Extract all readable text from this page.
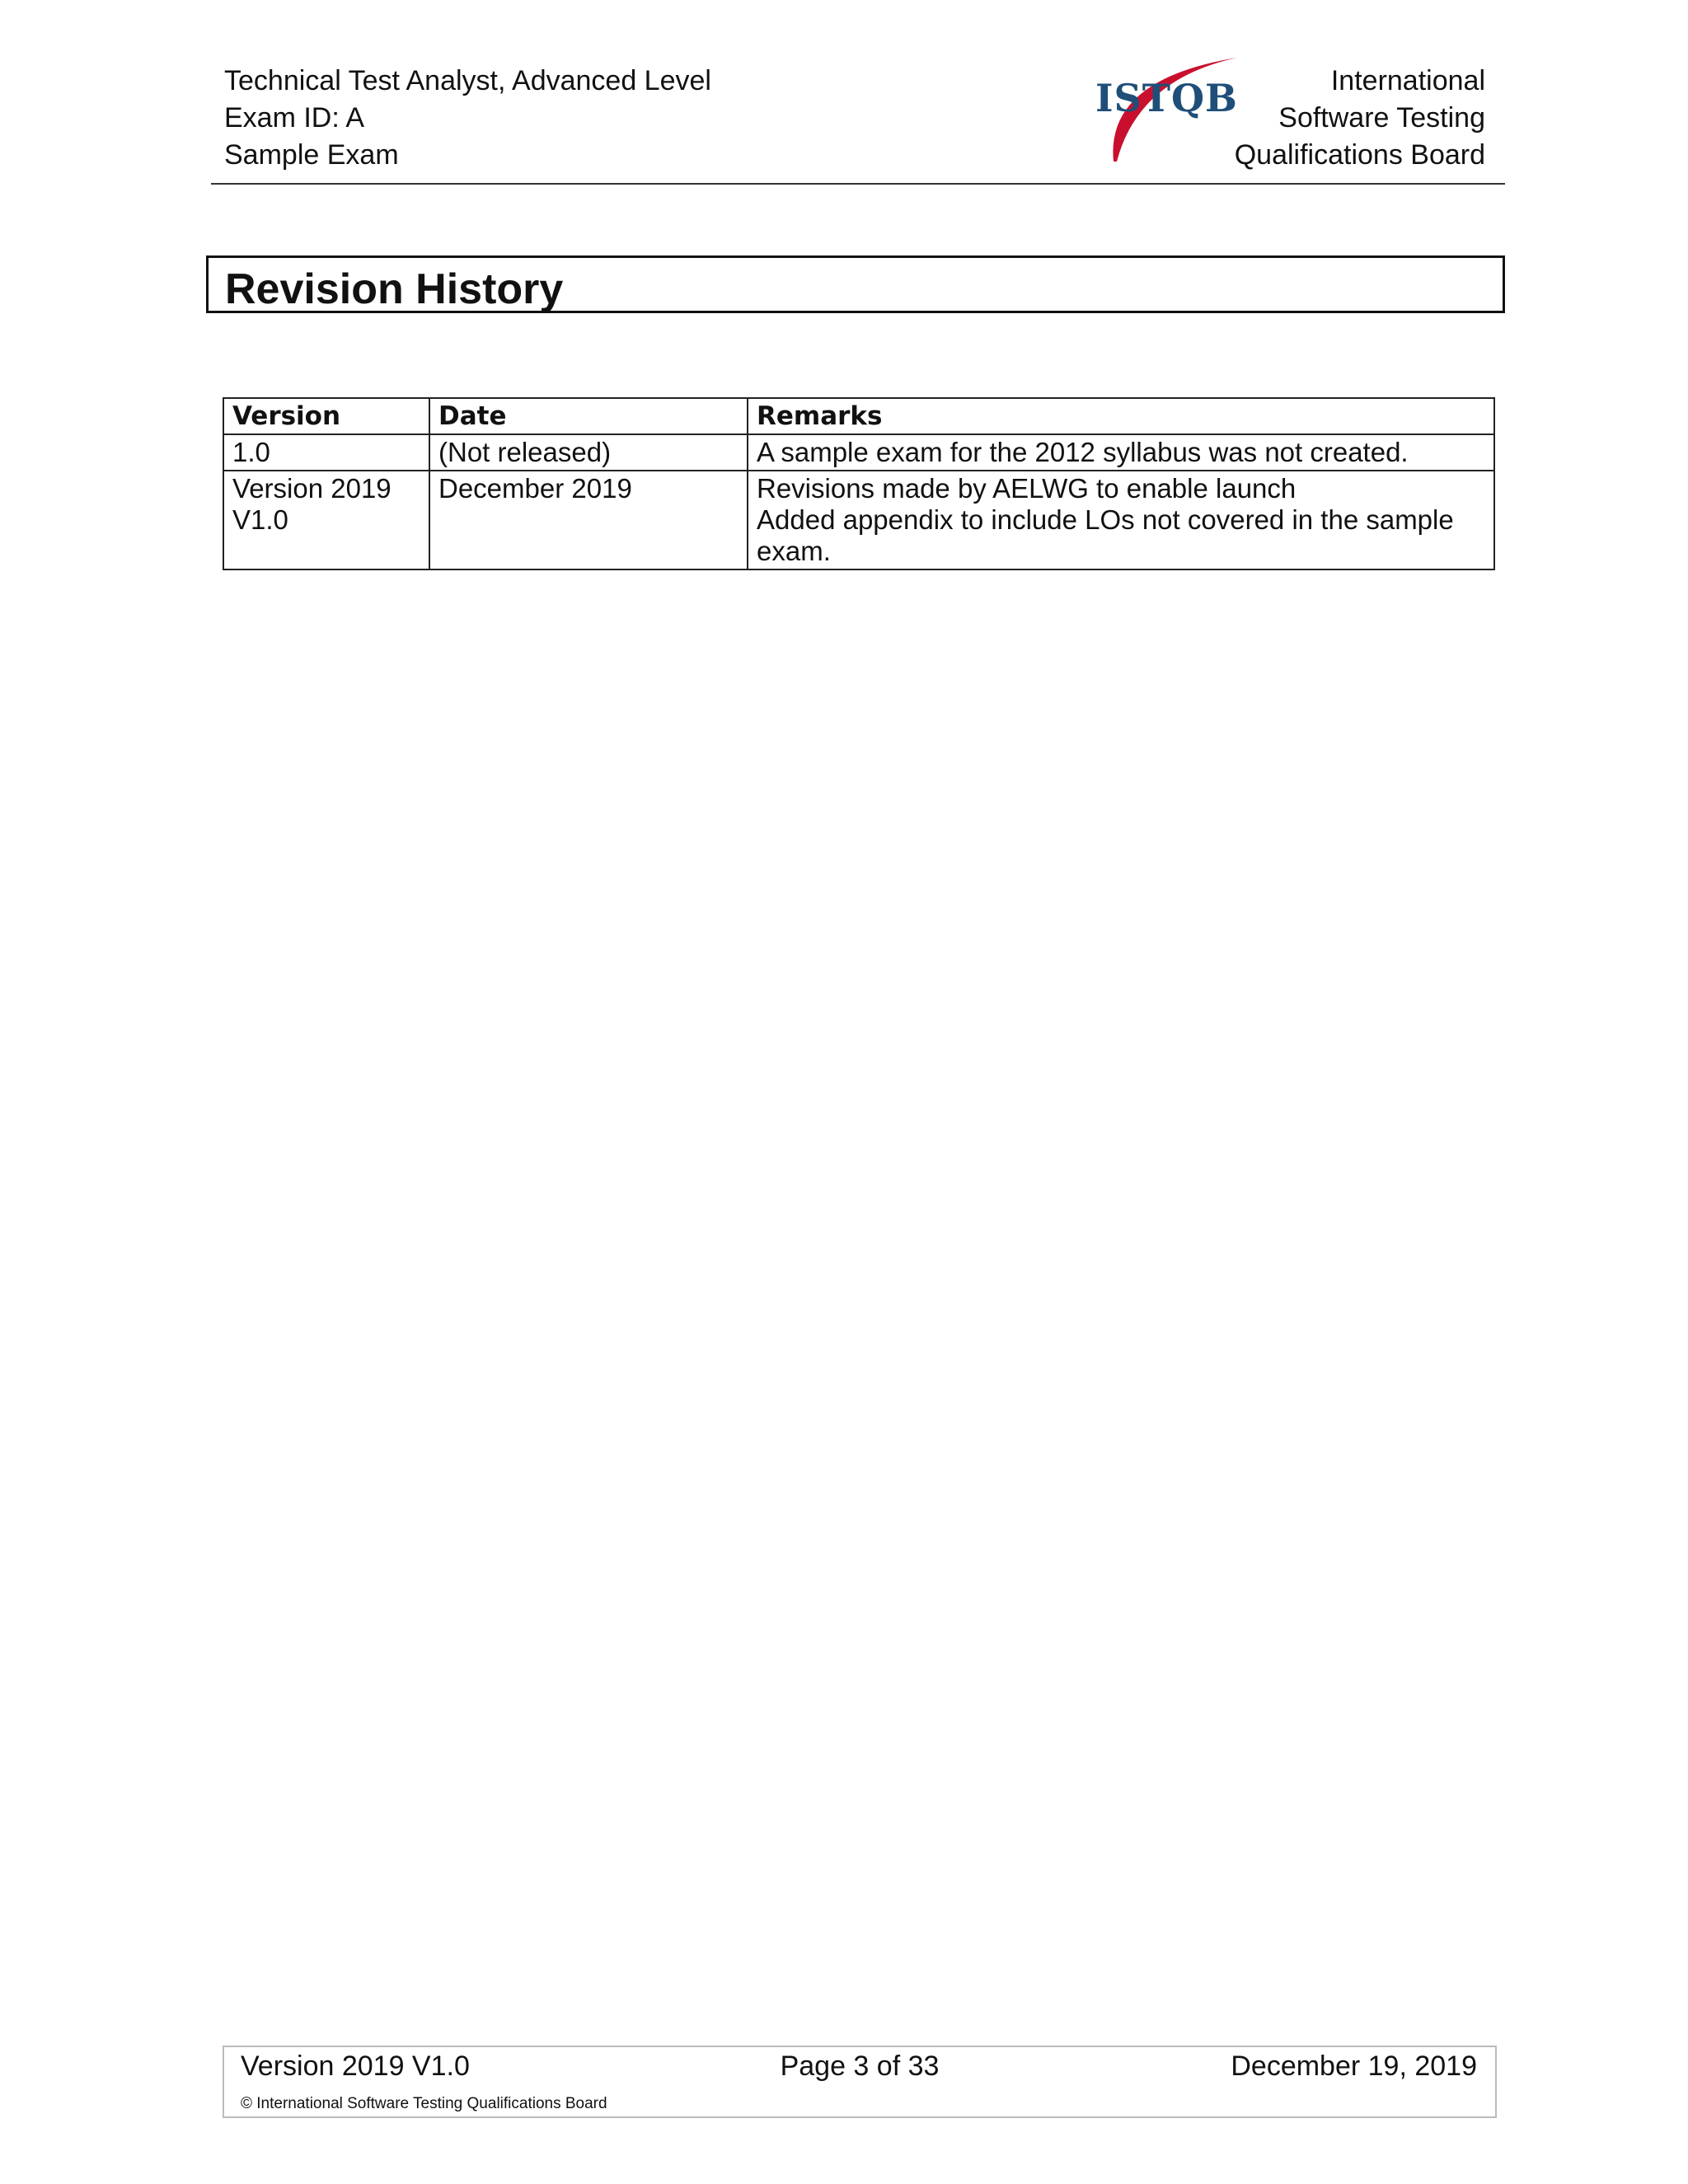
Technical Test Analyst, Advanced Level
Exam ID: A
Sample Exam
ISTQB	International
Software Testing
Qualifications Board
Revision History
Version	Date	Remarks
1.0	(Not released)	A sample exam for the 2012 syllabus was not created.

Version 2019 V1.0	December 2019	Revisions made by AELWG to enable launch
Added appendix to include LOs not covered in the sample exam.
Version 2019 V1.0	Page 3 of 33	December 19, 2019
© International Software Testing Qualifications Board
